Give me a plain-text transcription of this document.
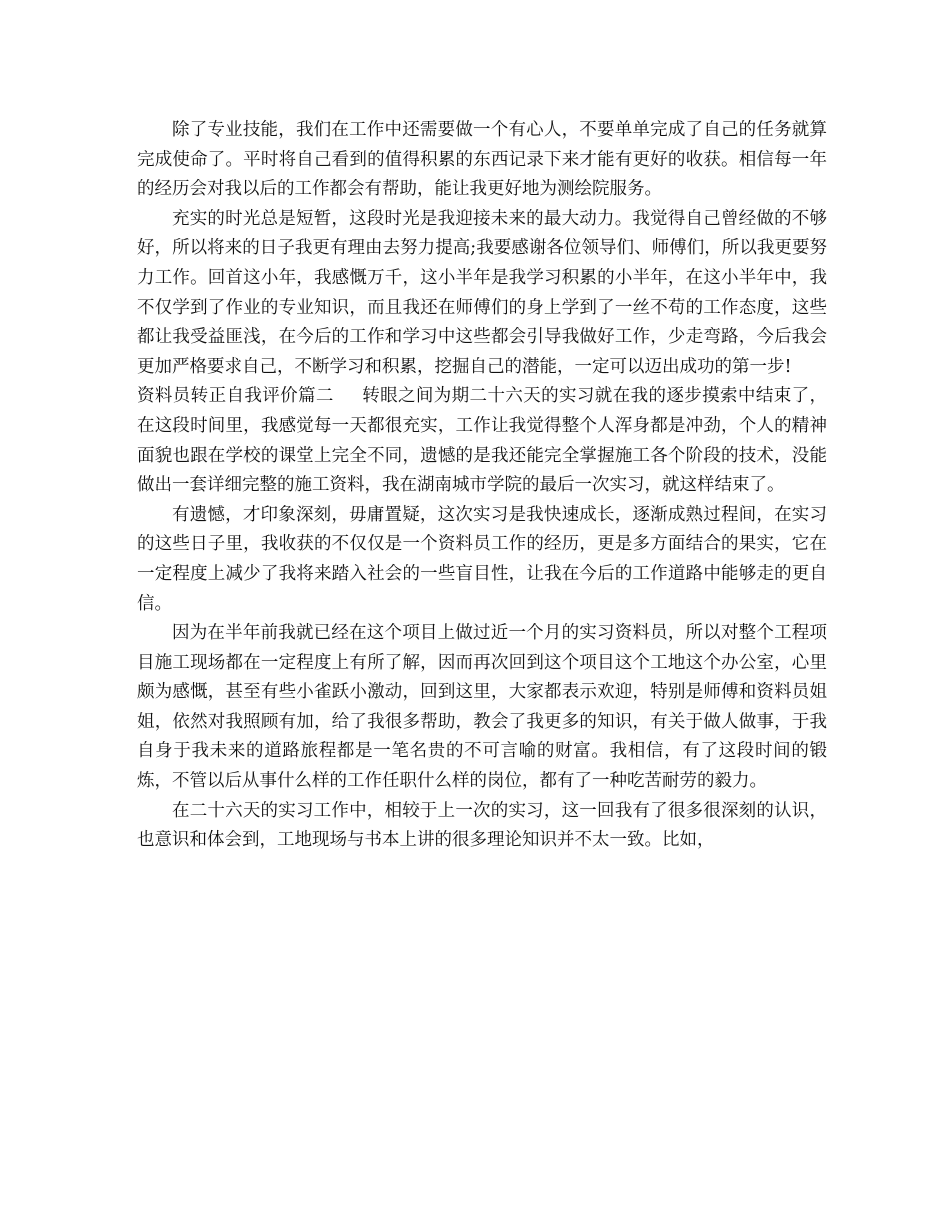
除了专业技能，我们在工作中还需要做一个有心人，不要单单完成了自己的任务就算完成使命了。平时将自己看到的值得积累的东西记录下来才能有更好的收获。相信每一年的经历会对我以后的工作都会有帮助，能让我更好地为测绘院服务。

充实的时光总是短暂，这段时光是我迎接未来的最大动力。我觉得自己曾经做的不够好，所以将来的日子我更有理由去努力提高;我要感谢各位领导们、师傅们，所以我更要努力工作。回首这小年，我感慨万千，这小半年是我学习积累的小半年，在这小半年中，我不仅学到了作业的专业知识，而且我还在师傅们的身上学到了一丝不苟的工作态度，这些都让我受益匪浅，在今后的工作和学习中这些都会引导我做好工作，少走弯路，今后我会更加严格要求自己，不断学习和积累，挖掘自己的潜能，一定可以迈出成功的第一步!

资料员转正自我评价篇二 转眼之间为期二十六天的实习就在我的逐步摸索中结束了，在这段时间里，我感觉每一天都很充实，工作让我觉得整个人浑身都是冲劲，个人的精神面貌也跟在学校的课堂上完全不同，遗憾的是我还能完全掌握施工各个阶段的技术，没能做出一套详细完整的施工资料，我在湖南城市学院的最后一次实习，就这样结束了。

有遗憾，才印象深刻，毋庸置疑，这次实习是我快速成长，逐渐成熟过程间，在实习的这些日子里，我收获的不仅仅是一个资料员工作的经历，更是多方面结合的果实，它在一定程度上减少了我将来踏入社会的一些盲目性，让我在今后的工作道路中能够走的更自信。

因为在半年前我就已经在这个项目上做过近一个月的实习资料员，所以对整个工程项目施工现场都在一定程度上有所了解，因而再次回到这个项目这个工地这个办公室，心里颇为感慨，甚至有些小雀跃小激动，回到这里，大家都表示欢迎，特别是师傅和资料员姐姐，依然对我照顾有加，给了我很多帮助，教会了我更多的知识，有关于做人做事，于我自身于我未来的道路旅程都是一笔名贵的不可言喻的财富。我相信，有了这段时间的锻炼，不管以后从事什么样的工作任职什么样的岗位，都有了一种吃苦耐劳的毅力。

在二十六天的实习工作中，相较于上一次的实习，这一回我有了很多很深刻的认识，也意识和体会到，工地现场与书本上讲的很多理论知识并不太一致。比如，
